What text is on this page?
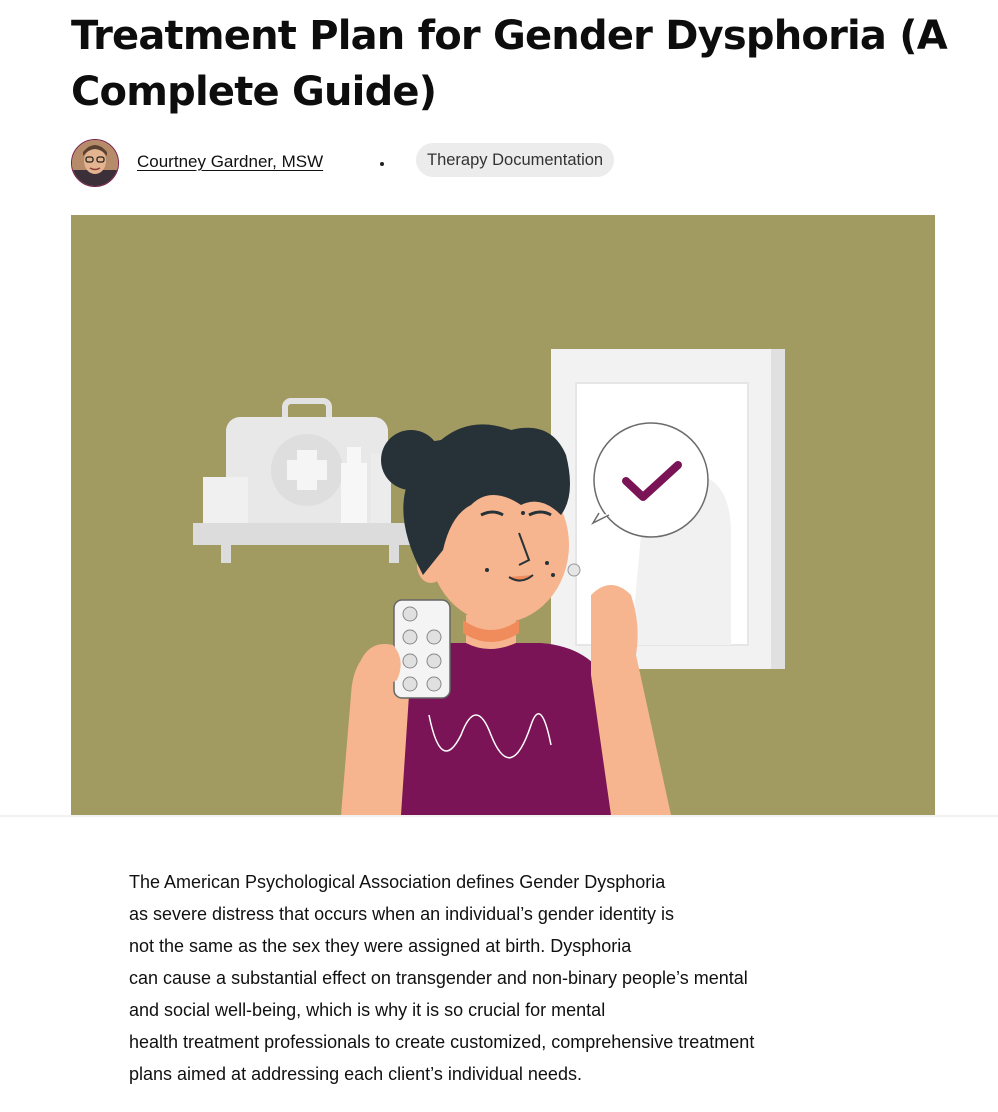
Treatment Plan for Gender Dysphoria (A Complete Guide)
Courtney Gardner, MSW	Therapy Documentation
The American Psychological Association defines Gender Dysphoria
as severe distress that occurs when an individual’s gender identity is
not the same as the sex they were assigned at birth. Dysphoria
can cause a substantial effect on transgender and non-binary people’s mental
and social well-being, which is why it is so crucial for mental
health treatment professionals to create customized, comprehensive treatment
plans aimed at addressing each client’s individual needs.
